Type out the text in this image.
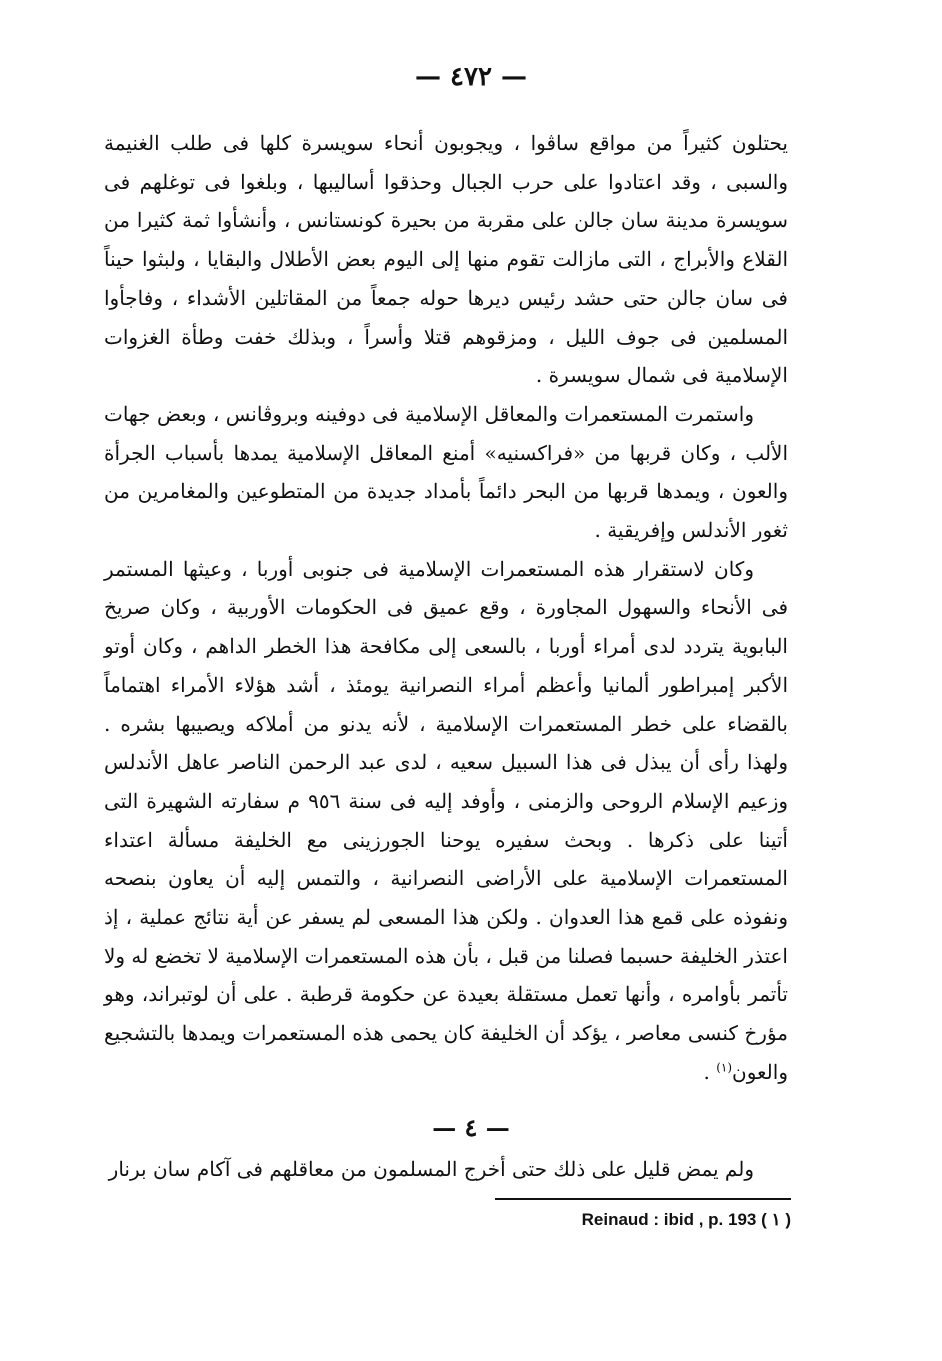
— ٤٧٢ —

يحتلون كثيراً من مواقع ساڤوا ، ويجوبون أنحاء سويسرة كلها فى طلب الغنيمة والسبى ، وقد اعتادوا على حرب الجبال وحذقوا أساليبها ، وبلغوا فى توغلهم فى سويسرة مدينة سان جالن على مقربة من بحيرة كونستانس ، وأنشأوا ثمة كثيرا من القلاع والأبراج ، التى مازالت تقوم منها إلى اليوم بعض الأطلال والبقايا ، ولبثوا حيناً فى سان جالن حتى حشد رئيس ديرها حوله جمعاً من المقاتلين الأشداء ، وفاجأوا المسلمين فى جوف الليل ، ومزقوهم قتلا وأسراً ، وبذلك خفت وطأة الغزوات الإسلامية فى شمال سويسرة .

واستمرت المستعمرات والمعاقل الإسلامية فى دوفينه وبروڤانس ، وبعض جهات الألب ، وكان قربها من «فراكسنيه» أمنع المعاقل الإسلامية يمدها بأسباب الجرأة والعون ، ويمدها قربها من البحر دائماً بأمداد جديدة من المتطوعين والمغامرين من ثغور الأندلس وإفريقية .

وكان لاستقرار هذه المستعمرات الإسلامية فى جنوبى أوربا ، وعيثها المستمر فى الأنحاء والسهول المجاورة ، وقع عميق فى الحكومات الأوربية ، وكان صريخ البابوية يتردد لدى أمراء أوربا ، بالسعى إلى مكافحة هذا الخطر الداهم ، وكان أوتو الأكبر إمبراطور ألمانيا وأعظم أمراء النصرانية يومئذ ، أشد هؤلاء الأمراء اهتماماً بالقضاء على خطر المستعمرات الإسلامية ، لأنه يدنو من أملاكه ويصيبها بشره . ولهذا رأى أن يبذل فى هذا السبيل سعيه ، لدى عبد الرحمن الناصر عاهل الأندلس وزعيم الإسلام الروحى والزمنى ، وأوفد إليه فى سنة ٩٥٦ م سفارته الشهيرة التى أتينا على ذكرها . وبحث سفيره يوحنا الجورزينى مع الخليفة مسألة اعتداء المستعمرات الإسلامية على الأراضى النصرانية ، والتمس إليه أن يعاون بنصحه ونفوذه على قمع هذا العدوان . ولكن هذا المسعى لم يسفر عن أية نتائج عملية ، إذ اعتذر الخليفة حسبما فصلنا من قبل ، بأن هذه المستعمرات الإسلامية لا تخضع له ولا تأتمر بأوامره ، وأنها تعمل مستقلة بعيدة عن حكومة قرطبة . على أن لوتبراند، وهو مؤرخ كنسى معاصر ، يؤكد أن الخليفة كان يحمى هذه المستعمرات ويمدها بالتشجيع والعون$^{(١)}$ .

— ٤ —
ولم يمض قليل على ذلك حتى أخرج المسلمون من معاقلهم فى آكام سان برنار
Reinaud : ibid , p. 193 ( ١ )
